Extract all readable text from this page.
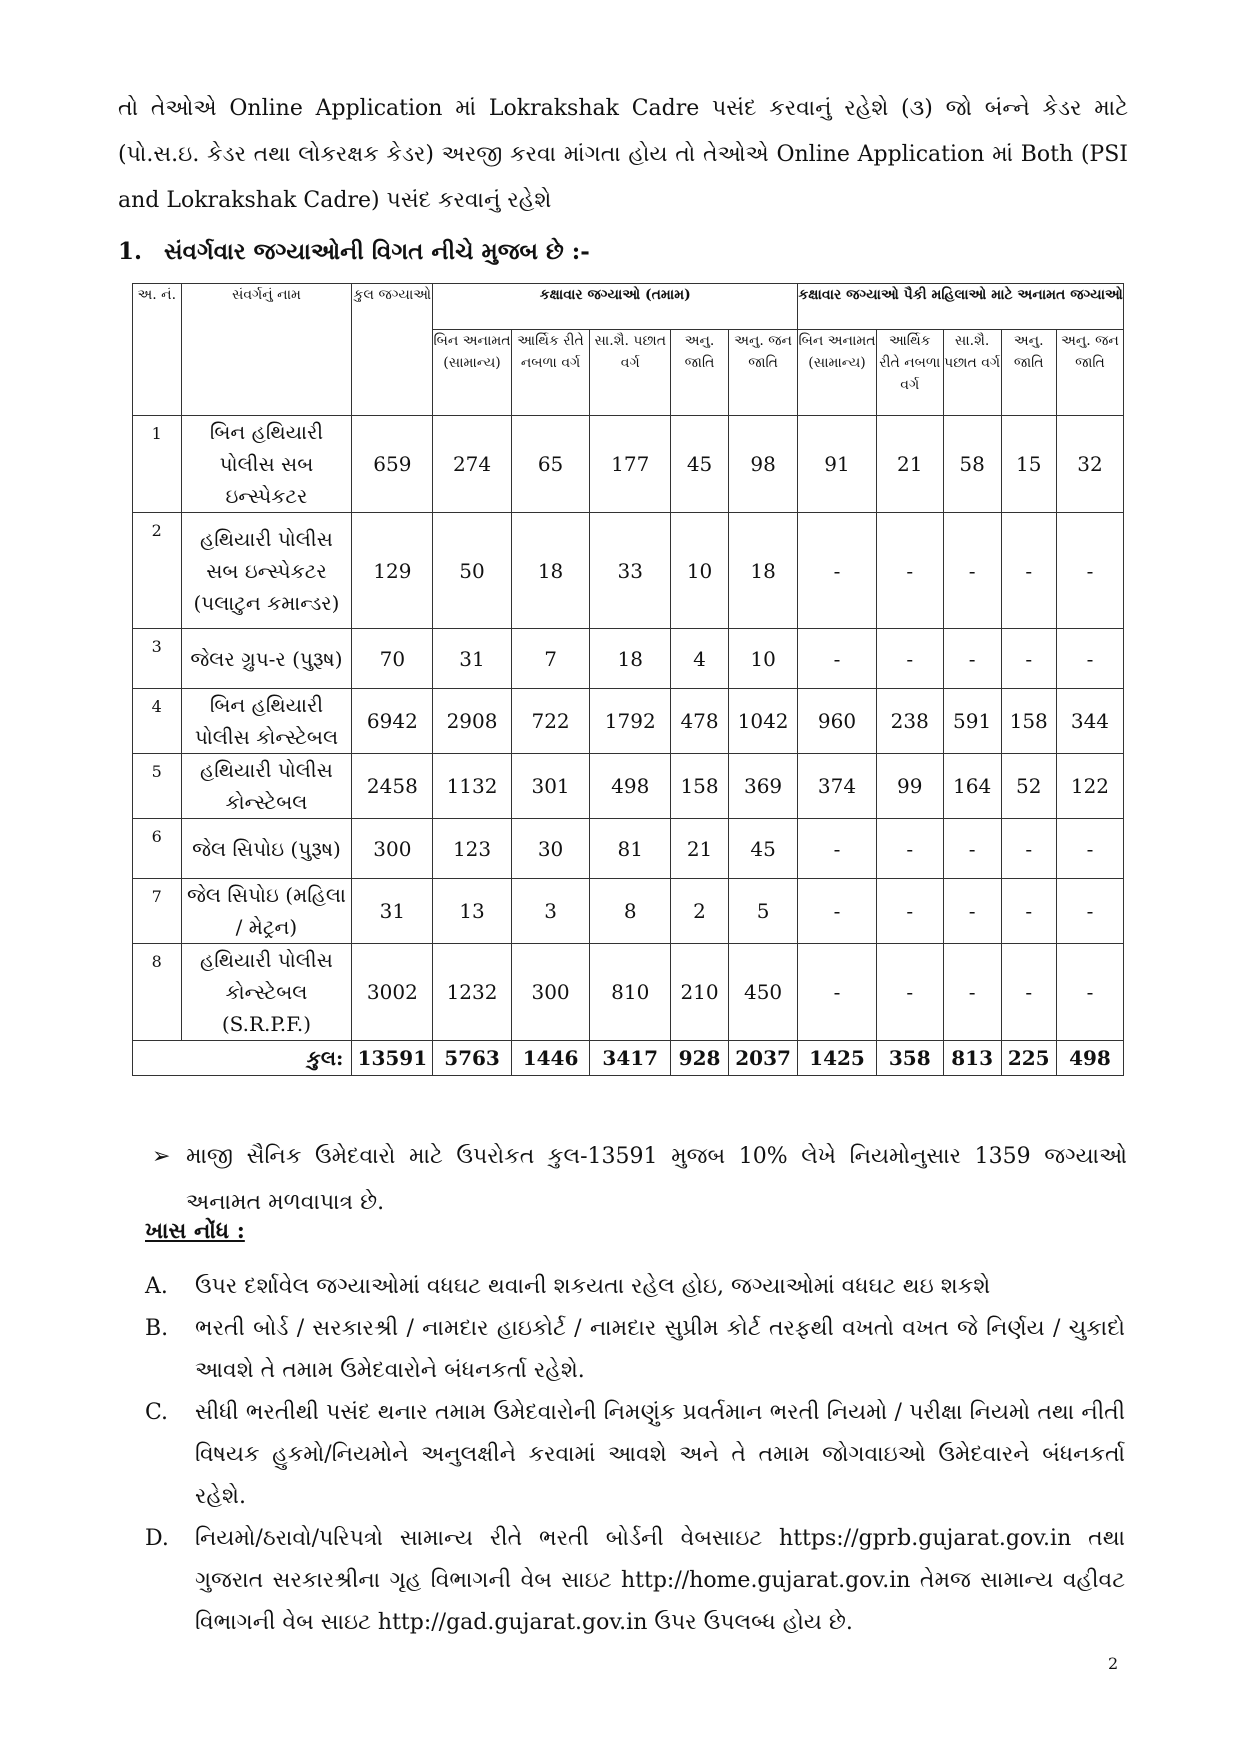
તો તેઓએ Online Application માં Lokrakshak Cadre પસંદ કરવાનું રહેશે (૩) જો બંન્ને કેડર માટે (પો.સ.ઇ. કેડર તથા લોકરક્ષક કેડર) અરજી કરવા માંગતા હોય તો તેઓએ Online Application માં Both (PSI and Lokrakshak Cadre) પસંદ કરવાનું રહેશે

1. સંવર્ગવાર જગ્યાઓની વિગત નીચે મુજબ છે :-
અ. નં.	સંવર્ગનું નામ	કુલ જગ્યાઓ	કક્ષાવાર જગ્યાઓ (તમામ)					કક્ષાવાર જગ્યાઓ પૈકી મહિલાઓ માટે અનામત જગ્યાઓ				
			બિન અનામત (સામાન્ય)	આર્થિક રીતે નબળા વર્ગ	સા.શૈ. પછાત વર્ગ	અનુ. જાતિ	અનુ. જન જાતિ	બિન અનામત (સામાન્ય)	આર્થિક રીતે નબળા વર્ગ	સા.શૈ. પછાત વર્ગ	અનુ. જાતિ	અનુ. જન જાતિ
1	બિન હથિયારી પોલીસ સબ ઇન્સ્પેકટર	659	274	65	177	45	98	91	21	58	15	32
2	હથિયારી પોલીસ સબ ઇન્સ્પેકટર (પલાટુન કમાન્ડર)	129	50	18	33	10	18	-	-	-	-	-
3	જેલર ગ્રુપ-ર (પુરૂષ)	70	31	7	18	4	10	-	-	-	-	-
4	બિન હથિયારી પોલીસ કોન્સ્ટેબલ	6942	2908	722	1792	478	1042	960	238	591	158	344
5	હથિયારી પોલીસ કોન્સ્ટેબલ	2458	1132	301	498	158	369	374	99	164	52	122
6	જેલ સિપોઇ (પુરૂષ)	300	123	30	81	21	45	-	-	-	-	-
7	જેલ સિપોઇ (મહિલા / મેટ્રન)	31	13	3	8	2	5	-	-	-	-	-
8	હથિયારી પોલીસ કોન્સ્ટેબલ (S.R.P.F.)	3002	1232	300	810	210	450	-	-	-	-	-
કુલ:		13591	5763	1446	3417	928	2037	1425	358	813	225	498
➢ માજી સૈનિક ઉમેદવારો માટે ઉપરોકત કુલ-13591 મુજબ 10% લેખે નિયમોનુસાર 1359 જગ્યાઓ અનામત મળવાપાત્ર છે.
ખાસ નોંધ :
A. ઉપર દર્શાવેલ જગ્યાઓમાં વધઘટ થવાની શકયતા રહેલ હોઇ, જગ્યાઓમાં વધઘટ થઇ શકશે
B. ભરતી બોર્ડ / સરકારશ્રી / નામદાર હાઇકોર્ટ / નામદાર સુપ્રીમ કોર્ટ તરફથી વખતો વખત જે નિર્ણય / ચુકાદો આવશે તે તમામ ઉમેદવારોને બંધનકર્તા રહેશે.
C. સીધી ભરતીથી પસંદ થનાર તમામ ઉમેદવારોની નિમણુંક પ્રવર્તમાન ભરતી નિયમો / પરીક્ષા નિયમો તથા નીતી વિષયક હુકમો/નિયમોને અનુલક્ષીને કરવામાં આવશે અને તે તમામ જોગવાઇઓ ઉમેદવારને બંધનકર્તા રહેશે.
D. નિયમો/ઠરાવો/પરિપત્રો સામાન્ય રીતે ભરતી બોર્ડની વેબસાઇટ https://gprb.gujarat.gov.in તથા ગુજરાત સરકારશ્રીના ગૃહ વિભાગની વેબ સાઇટ http://home.gujarat.gov.in તેમજ સામાન્ય વહીવટ વિભાગની વેબ સાઇટ http://gad.gujarat.gov.in ઉપર ઉપલબ્ધ હોય છે.
2
